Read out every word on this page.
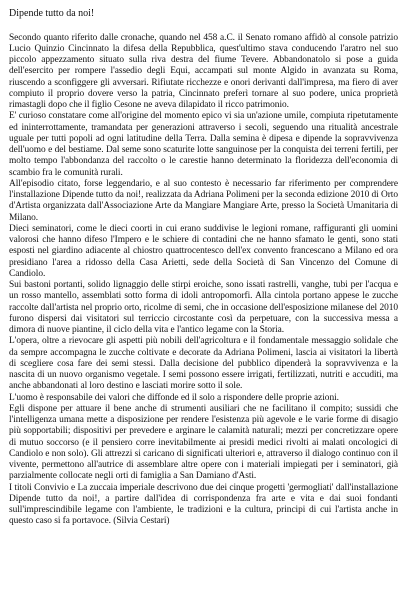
Dipende tutto da noi!

Secondo quanto riferito dalle cronache, quando nel 458 a.C. il Senato romano affidò al console patrizio Lucio Quinzio Cincinnato la difesa della Repubblica, quest'ultimo stava conducendo l'aratro nel suo piccolo appezzamento situato sulla riva destra del fiume Tevere. Abbandonatolo si pose a guida dell'esercito per rompere l'assedio degli Equi, accampati sul monte Algido in avanzata su Roma, riuscendo a sconfiggere gli avversari. Rifiutate ricchezze e onori derivanti dall'impresa, ma fiero di aver compiuto il proprio dovere verso la patria, Cincinnato preferì tornare al suo podere, unica proprietà rimastagli dopo che il figlio Cesone ne aveva dilapidato il ricco patrimonio.

E' curioso constatare come all'origine del momento epico vi sia un'azione umile, compiuta ripetutamente ed ininterrottamente, tramandata per generazioni attraverso i secoli, seguendo una ritualità ancestrale uguale per tutti popoli ad ogni latitudine della Terra. Dalla semina è dipesa e dipende la sopravvivenza dell'uomo e del bestiame. Dal seme sono scaturite lotte sanguinose per la conquista dei terreni fertili, per molto tempo l'abbondanza del raccolto o le carestie hanno determinato la floridezza dell'economia di scambio fra le comunità rurali.

All'episodio citato, forse leggendario, e al suo contesto è necessario far riferimento per comprendere l'installazione Dipende tutto da noi!, realizzata da Adriana Polimeni per la seconda edizione 2010 di Orto d'Artista organizzata dall'Associazione Arte da Mangiare Mangiare Arte, presso la Società Umanitaria di Milano.

Dieci seminatori, come le dieci coorti in cui erano suddivise le legioni romane, raffiguranti gli uomini valorosi che hanno difeso l'Impero e le schiere di contadini che ne hanno sfamato le genti, sono stati esposti nel giardino adiacente al chiostro quattrocentesco dell'ex convento francescano a Milano ed ora presidiano l'area a ridosso della Casa Arietti, sede della Società di San Vincenzo del Comune di Candiolo.

Sui bastoni portanti, solido lignaggio delle stirpi eroiche, sono issati rastrelli, vanghe, tubi per l'acqua e un rosso mantello, assemblati sotto forma di idoli antropomorfi. Alla cintola portano appese le zucche raccolte dall'artista nel proprio orto, ricolme di semi, che in occasione dell'esposizione milanese del 2010 furono dispersi dai visitatori sul terriccio circostante così da perpetuare, con la successiva messa a dimora di nuove piantine, il ciclo della vita e l'antico legame con la Storia.

L'opera, oltre a rievocare gli aspetti più nobili dell'agricoltura e il fondamentale messaggio solidale che da sempre accompagna le zucche coltivate e decorate da Adriana Polimeni, lascia ai visitatori la libertà di scegliere cosa fare dei semi stessi. Dalla decisione del pubblico dipenderà la sopravvivenza e la nascita di un nuovo organismo vegetale. I semi possono essere irrigati, fertilizzati, nutriti e accuditi, ma anche abbandonati al loro destino e lasciati morire sotto il sole.

L'uomo è responsabile dei valori che diffonde ed il solo a rispondere delle proprie azioni.

Egli dispone per attuare il bene anche di strumenti ausiliari che ne facilitano il compito; sussidi che l'intelligenza umana mette a disposizione per rendere l'esistenza più agevole e le varie forme di disagio più sopportabili; dispositivi per prevedere e arginare le calamità naturali; mezzi per concretizzare opere di mutuo soccorso (e il pensiero corre inevitabilmente ai presidi medici rivolti ai malati oncologici di Candiolo e non solo). Gli attrezzi si caricano di significati ulteriori e, attraverso il dialogo continuo con il vivente, permettono all'autrice di assemblare altre opere con i materiali impiegati per i seminatori, già parzialmente collocate negli orti di famiglia a San Damiano d'Asti.

I titoli Convivio e La zuccaia imperiale descrivono due dei cinque progetti 'germogliati' dall'installazione Dipende tutto da noi!, a partire dall'idea di corrispondenza fra arte e vita e dai suoi fondanti sull'imprescindibile legame con l'ambiente, le tradizioni e la cultura, principi di cui l'artista anche in questo caso si fa portavoce. (Silvia Cestari)
